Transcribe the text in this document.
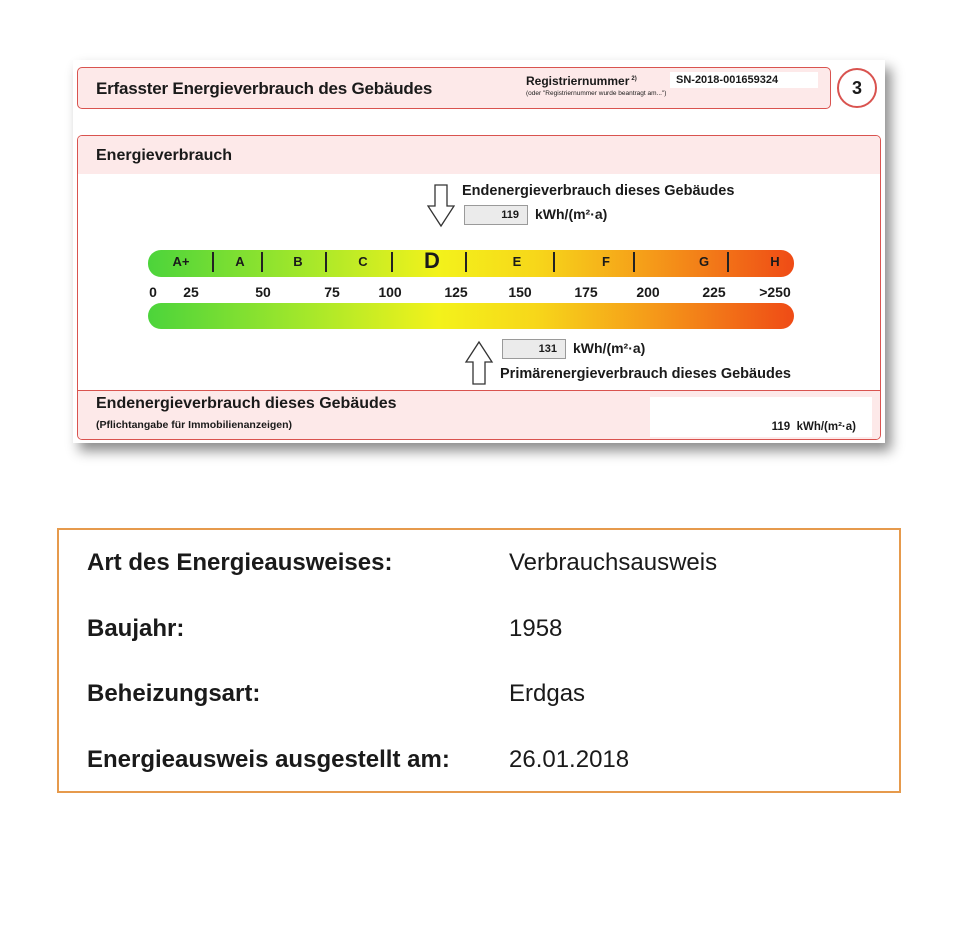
Erfasster Energieverbrauch des Gebäudes	Registriernummer $^{2)}$
(oder "Registriernummer wurde beantragt am...")
SN-2018-001659324	3
Energieverbrauch
Endenergieverbrauch dieses Gebäudes
119	kWh/(m²·a)
A+	A	B	C	D	E	F	G	H
0	25	50	75	100	125	150	175	200	225	>250
131	kWh/(m²·a)
Primärenergieverbrauch dieses Gebäudes
Endenergieverbrauch dieses Gebäudes
(Pflichtangabe für Immobilienanzeigen)	119 kWh/(m²·a)
Art des Energieausweises:	Verbrauchsausweis
Baujahr:	1958
Beheizungsart:	Erdgas
Energieausweis ausgestellt am: 26.01.2018
